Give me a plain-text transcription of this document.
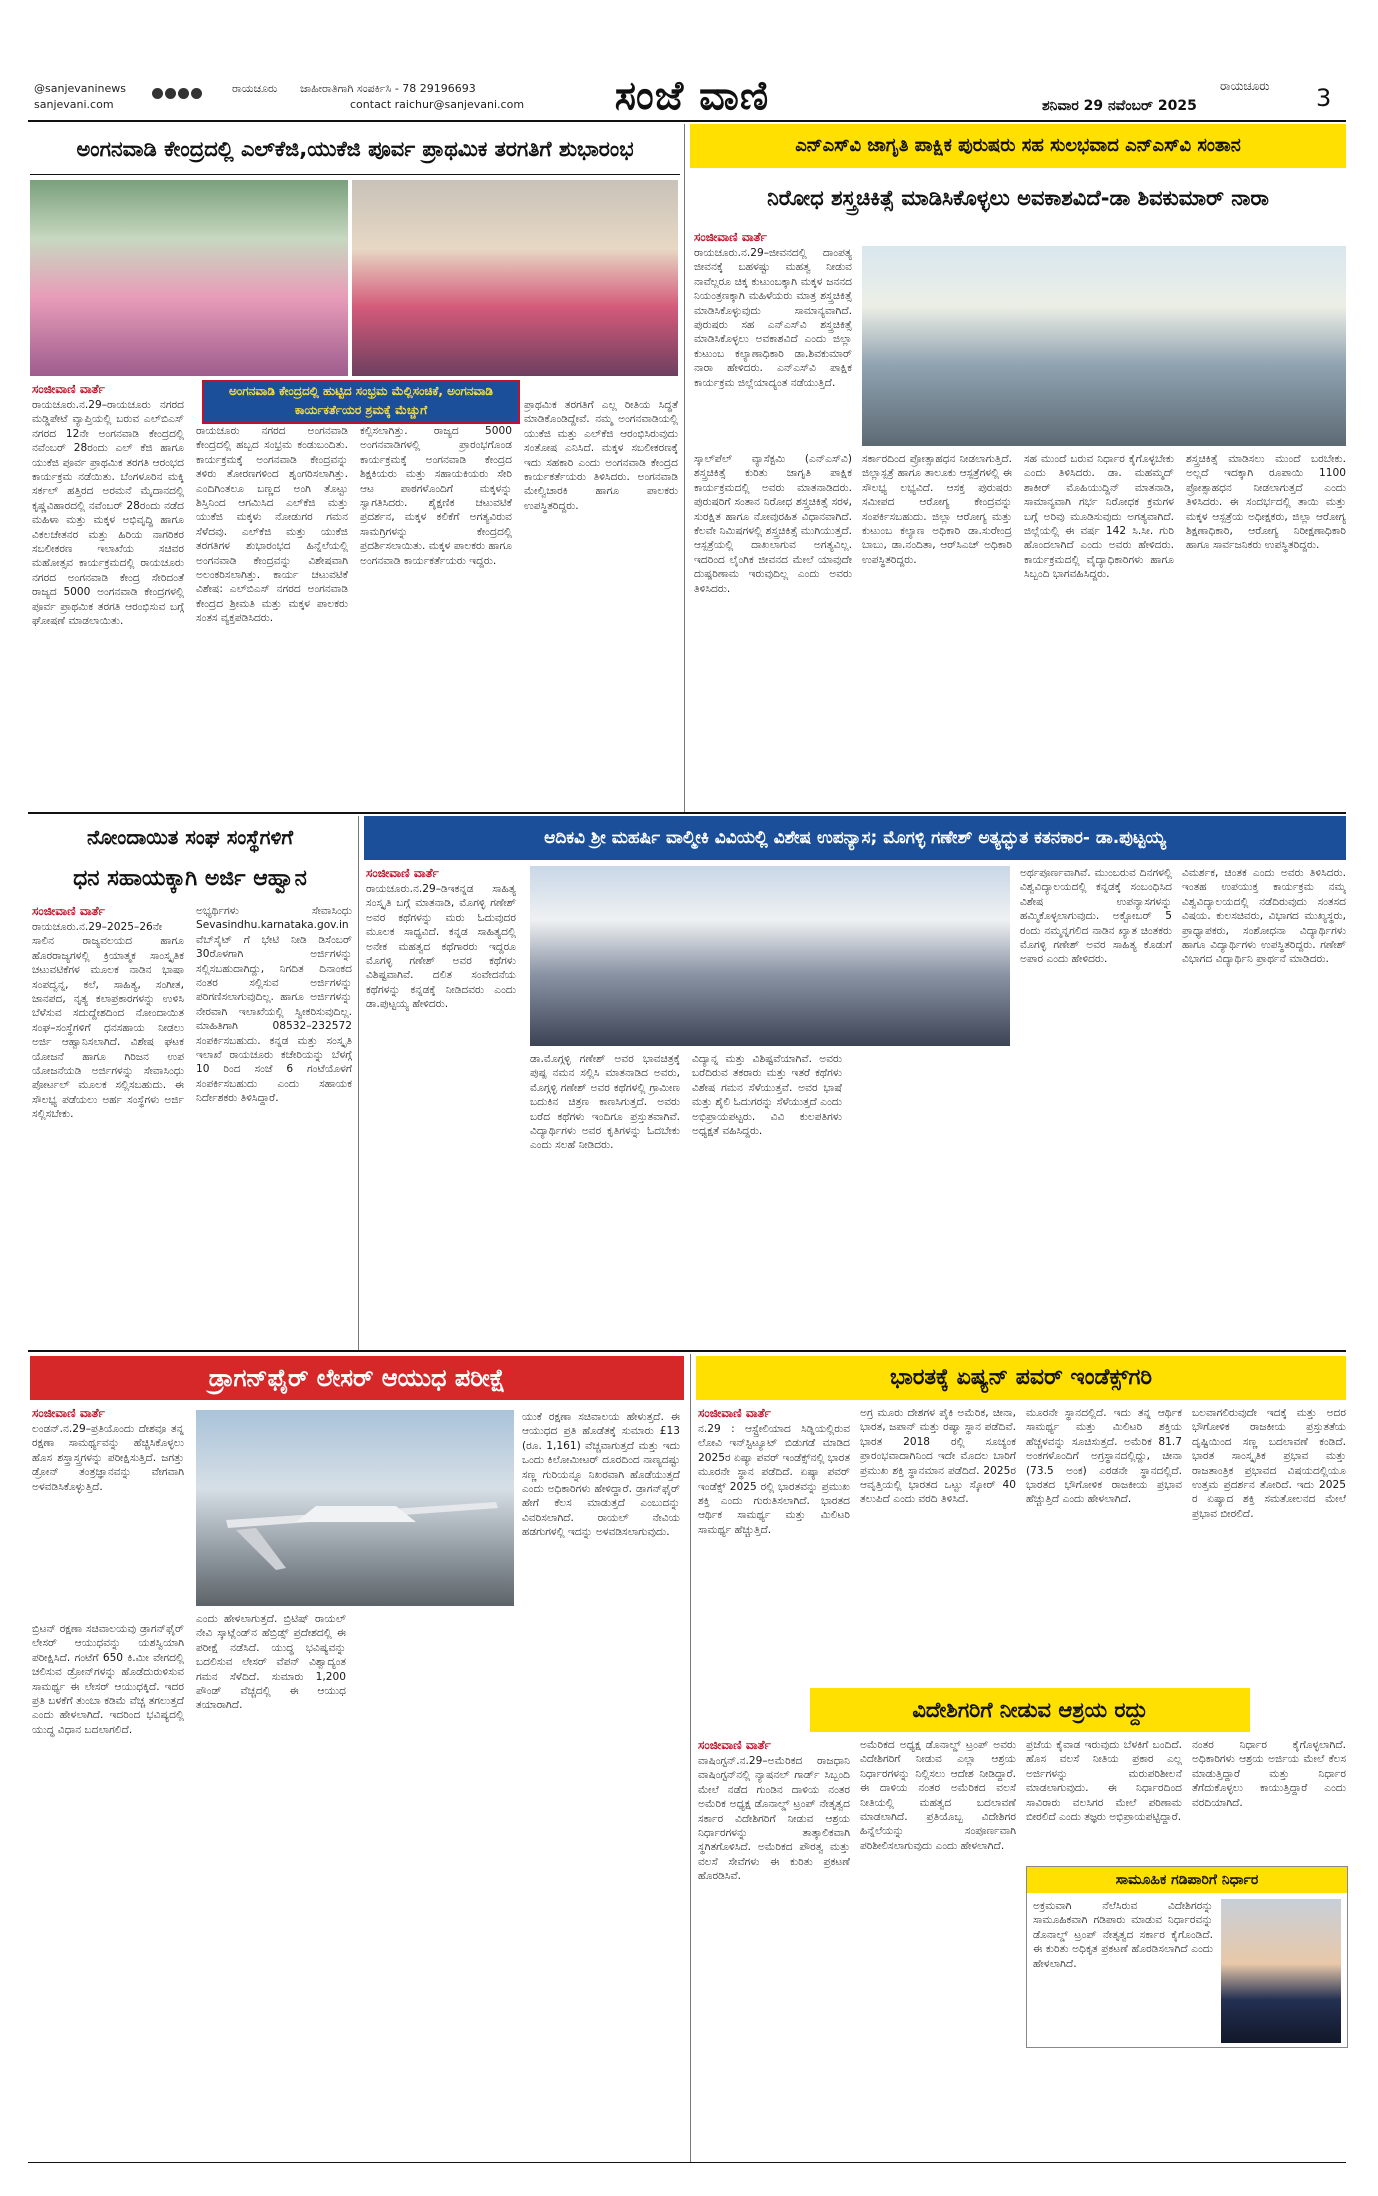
@sanjevaninews
sanjevani.com
ರಾಯಚೂರು ಜಾಹೀರಾತಿಗಾಗಿ ಸಂಪರ್ಕಿಸಿ - 78 29196693
contact raichur@sanjevani.com	ಸಂಜೆ ವಾಣಿ	ರಾಯಚೂರು
ಶನಿವಾರ 29 ನವೆಂಬರ್ 2025	3
ಅಂಗನವಾಡಿ ಕೇಂದ್ರದಲ್ಲಿ ಎಲ್‌ಕೆಜಿ,ಯುಕೆಜಿ ಪೂರ್ವ ಪ್ರಾಥಮಿಕ ತರಗತಿಗೆ ಶುಭಾರಂಭ
ಸಂಜೀವಾಣಿ ವಾರ್ತೆ	ಅಂಗನವಾಡಿ ಕೇಂದ್ರದಲ್ಲಿ ಹುಟ್ಟಿದ ಸಂಭ್ರಮ ಮೆಲ್ಲಿಸಂಚಿಕೆ, ಅಂಗನವಾಡಿ ಕಾರ್ಯಕರ್ತೆಯರ ಶ್ರಮಕ್ಕೆ ಮೆಚ್ಚುಗೆ
ರಾಯಚೂರು.ನ.29–ರಾಯಚೂರು ನಗರದ ಮಡ್ಡಿಪೇಟೆ ವ್ಯಾಪ್ತಿಯಲ್ಲಿ ಬರುವ ಎಲ್‌ಬಿಎಸ್ ನಗರದ 12ನೇ ಅಂಗನವಾಡಿ ಕೇಂದ್ರದಲ್ಲಿ ನವೆಂಬರ್ 28ರಂದು ಎಲ್ ಕೆಜಿ ಹಾಗೂ ಯುಕೆಜಿ ಪೂರ್ವ ಪ್ರಾಥಮಿಕ ತರಗತಿ ಆರಂಭದ ಕಾರ್ಯಕ್ರಮ ನಡೆಯಿತು. ಬೆಂಗಳೂರಿನ ಮಕ್ಕಿ ಸರ್ಕಲ್ ಹತ್ತಿರದ ಅರಮನೆ ಮೈದಾನದಲ್ಲಿ ಕೃಷ್ಣವಿಹಾರದಲ್ಲಿ ನವೆಂಬರ್ 28ರಂದು ನಡೆದ ಮಹಿಳಾ ಮತ್ತು ಮಕ್ಕಳ ಅಭಿವೃದ್ಧಿ ಹಾಗೂ ವಿಕಲಚೇತನರ ಮತ್ತು ಹಿರಿಯ ನಾಗರಿಕರ ಸಬಲೀಕರಣ ಇಲಾಖೆಯ ಸಚಿವರ ಮಹೋತ್ಸವ ಕಾರ್ಯಕ್ರಮದಲ್ಲಿ ರಾಯಚೂರು ನಗರದ ಅಂಗನವಾಡಿ ಕೇಂದ್ರ ಸೇರಿದಂತೆ ರಾಜ್ಯದ 5000 ಅಂಗನವಾಡಿ ಕೇಂದ್ರಗಳಲ್ಲಿ ಪೂರ್ವ ಪ್ರಾಥಮಿಕ ತರಗತಿ ಆರಂಭಿಸುವ ಬಗ್ಗೆ ಘೋಷಣೆ ಮಾಡಲಾಯಿತು.
ರಾಯಚೂರು ನಗರದ ಅಂಗನವಾಡಿ ಕೇಂದ್ರದಲ್ಲಿ ಹಬ್ಬದ ಸಂಭ್ರಮ ಕಂಡುಬಂದಿತು. ಕಾರ್ಯಕ್ರಮಕ್ಕೆ ಅಂಗನವಾಡಿ ಕೇಂದ್ರವನ್ನು ತಳಿರು ತೋರಣಗಳಿಂದ ಶೃಂಗರಿಸಲಾಗಿತ್ತು. ಎಂದಿಗಿಂತಲೂ ಬಣ್ಣದ ಅಂಗಿ ತೊಟ್ಟು ಶಿಸ್ತಿನಿಂದ ಆಗಮಿಸಿದ ಎಲ್‌ಕೆಜಿ ಮತ್ತು ಯುಕೆಜಿ ಮಕ್ಕಳು ನೋಡುಗರ ಗಮನ ಸೆಳೆದವು. ಎಲ್‌ಕೆಜಿ ಮತ್ತು ಯುಕೆಜಿ ತರಗತಿಗಳ ಶುಭಾರಂಭದ ಹಿನ್ನೆಲೆಯಲ್ಲಿ ಅಂಗನವಾಡಿ ಕೇಂದ್ರವನ್ನು ವಿಶೇಷವಾಗಿ ಅಲಂಕರಿಸಲಾಗಿತ್ತು. ಕಾರ್ಯ ಚಟುವಟಿಕೆ ವಿಶೇಷ: ಎಲ್‌ಬಿಎಸ್ ನಗರದ ಅಂಗನವಾಡಿ ಕೇಂದ್ರದ ಶ್ರೀಮತಿ ಮತ್ತು ಮಕ್ಕಳ ಪಾಲಕರು ಸಂತಸ ವ್ಯಕ್ತಪಡಿಸಿದರು.
ಕಲ್ಪಿಸಲಾಗಿತ್ತು. ರಾಜ್ಯದ 5000 ಅಂಗನವಾಡಿಗಳಲ್ಲಿ ಪ್ರಾರಂಭಗೊಂಡ ಕಾರ್ಯಕ್ರಮಕ್ಕೆ ಅಂಗನವಾಡಿ ಕೇಂದ್ರದ ಶಿಕ್ಷಕಿಯರು ಮತ್ತು ಸಹಾಯಕಿಯರು ಸೇರಿ ಆಟ ಪಾಠಗಳೊಂದಿಗೆ ಮಕ್ಕಳನ್ನು ಸ್ವಾಗತಿಸಿದರು. ಶೈಕ್ಷಣಿಕ ಚಟುವಟಿಕೆ ಪ್ರದರ್ಶನ, ಮಕ್ಕಳ ಕಲಿಕೆಗೆ ಅಗತ್ಯವಿರುವ ಸಾಮಗ್ರಿಗಳನ್ನು ಕೇಂದ್ರದಲ್ಲಿ ಪ್ರದರ್ಶಿಸಲಾಯಿತು. ಮಕ್ಕಳ ಪಾಲಕರು ಹಾಗೂ ಅಂಗನವಾಡಿ ಕಾರ್ಯಕರ್ತೆಯರು ಇದ್ದರು.
ಪ್ರಾಥಮಿಕ ತರಗತಿಗೆ ಎಲ್ಲ ರೀತಿಯ ಸಿದ್ಧತೆ ಮಾಡಿಕೊಂಡಿದ್ದೇವೆ. ನಮ್ಮ ಅಂಗನವಾಡಿಯಲ್ಲಿ ಯುಕೆಜಿ ಮತ್ತು ಎಲ್‌ಕೆಜಿ ಆರಂಭಿಸಿರುವುದು ಸಂತೋಷ ಎನಿಸಿದೆ. ಮಕ್ಕಳ ಸಬಲೀಕರಣಕ್ಕೆ ಇದು ಸಹಕಾರಿ ಎಂದು ಅಂಗನವಾಡಿ ಕೇಂದ್ರದ ಕಾರ್ಯಕರ್ತೆಯರು ತಿಳಿಸಿದರು. ಅಂಗನವಾಡಿ ಮೇಲ್ವಿಚಾರಕಿ ಹಾಗೂ ಪಾಲಕರು ಉಪಸ್ಥಿತರಿದ್ದರು.
ಎನ್‌ಎಸ್‌ವಿ ಜಾಗೃತಿ ಪಾಕ್ಷಿಕ ಪುರುಷರು ಸಹ ಸುಲಭವಾದ ಎನ್‌ಎಸ್‌ವಿ ಸಂತಾನ
ನಿರೋಧ ಶಸ್ತ್ರಚಿಕಿತ್ಸೆ ಮಾಡಿಸಿಕೊಳ್ಳಲು ಅವಕಾಶವಿದೆ-ಡಾ ಶಿವಕುಮಾರ್ ನಾರಾ
ಸಂಜೀವಾಣಿ ವಾರ್ತೆ
ರಾಯಚೂರು.ನ.29–ಜೀವನದಲ್ಲಿ ದಾಂಪತ್ಯ ಜೀವನಕ್ಕೆ ಬಹಳಷ್ಟು ಮಹತ್ವ ನೀಡುವ ನಾವೆಲ್ಲರೂ ಚಿಕ್ಕ ಕುಟುಂಬಕ್ಕಾಗಿ ಮಕ್ಕಳ ಜನನದ ನಿಯಂತ್ರಣಕ್ಕಾಗಿ ಮಹಿಳೆಯರು ಮಾತ್ರ ಶಸ್ತ್ರಚಿಕಿತ್ಸೆ ಮಾಡಿಸಿಕೊಳ್ಳುವುದು ಸಾಮಾನ್ಯವಾಗಿದೆ. ಪುರುಷರು ಸಹ ಎನ್‌ಎಸ್‌ವಿ ಶಸ್ತ್ರಚಿಕಿತ್ಸೆ ಮಾಡಿಸಿಕೊಳ್ಳಲು ಅವಕಾಶವಿದೆ ಎಂದು ಜಿಲ್ಲಾ ಕುಟುಂಬ ಕಲ್ಯಾಣಾಧಿಕಾರಿ ಡಾ.ಶಿವಕುಮಾರ್ ನಾರಾ ಹೇಳಿದರು. ಎನ್‌ಎಸ್‌ವಿ ಪಾಕ್ಷಿಕ ಕಾರ್ಯಕ್ರಮ ಜಿಲ್ಲೆಯಾದ್ಯಂತ ನಡೆಯುತ್ತಿದೆ.
ಸ್ಕಾಲ್‌ಪೆಲ್ ವ್ಯಾಸೆಕ್ಟಮಿ (ಎನ್‌ಎಸ್‌ವಿ) ಶಸ್ತ್ರಚಿಕಿತ್ಸೆ ಕುರಿತು ಜಾಗೃತಿ ಪಾಕ್ಷಿಕ ಕಾರ್ಯಕ್ರಮದಲ್ಲಿ ಅವರು ಮಾತನಾಡಿದರು. ಪುರುಷರಿಗೆ ಸಂತಾನ ನಿರೋಧ ಶಸ್ತ್ರಚಿಕಿತ್ಸೆ ಸರಳ, ಸುರಕ್ಷಿತ ಹಾಗೂ ನೋವುರಹಿತ ವಿಧಾನವಾಗಿದೆ. ಕೆಲವೇ ನಿಮಿಷಗಳಲ್ಲಿ ಶಸ್ತ್ರಚಿಕಿತ್ಸೆ ಮುಗಿಯುತ್ತದೆ. ಆಸ್ಪತ್ರೆಯಲ್ಲಿ ದಾಖಲಾಗುವ ಅಗತ್ಯವಿಲ್ಲ. ಇದರಿಂದ ಲೈಂಗಿಕ ಜೀವನದ ಮೇಲೆ ಯಾವುದೇ ದುಷ್ಪರಿಣಾಮ ಇರುವುದಿಲ್ಲ ಎಂದು ಅವರು ತಿಳಿಸಿದರು.
ಸರ್ಕಾರದಿಂದ ಪ್ರೋತ್ಸಾಹಧನ ನೀಡಲಾಗುತ್ತಿದೆ. ಜಿಲ್ಲಾಸ್ಪತ್ರೆ ಹಾಗೂ ತಾಲೂಕು ಆಸ್ಪತ್ರೆಗಳಲ್ಲಿ ಈ ಸೌಲಭ್ಯ ಲಭ್ಯವಿದೆ. ಆಸಕ್ತ ಪುರುಷರು ಸಮೀಪದ ಆರೋಗ್ಯ ಕೇಂದ್ರವನ್ನು ಸಂಪರ್ಕಿಸಬಹುದು. ಜಿಲ್ಲಾ ಆರೋಗ್ಯ ಮತ್ತು ಕುಟುಂಬ ಕಲ್ಯಾಣ ಅಧಿಕಾರಿ ಡಾ.ಸುರೇಂದ್ರ ಬಾಬು, ಡಾ.ನಂದಿತಾ, ಆರ್‌ಸಿಎಚ್ ಅಧಿಕಾರಿ ಉಪಸ್ಥಿತರಿದ್ದರು.
ಸಹ ಮುಂದೆ ಬರುವ ನಿರ್ಧಾರ ಕೈಗೊಳ್ಳಬೇಕು ಎಂದು ತಿಳಿಸಿದರು. ಡಾ. ಮಹಮ್ಮದ್ ಶಾಕೀರ್ ಮೊಹಿಯುದ್ದಿನ್ ಮಾತನಾಡಿ, ಸಾಮಾನ್ಯವಾಗಿ ಗರ್ಭ ನಿರೋಧಕ ಕ್ರಮಗಳ ಬಗ್ಗೆ ಅರಿವು ಮೂಡಿಸುವುದು ಅಗತ್ಯವಾಗಿದೆ. ಜಿಲ್ಲೆಯಲ್ಲಿ ಈ ವರ್ಷ 142 ಸಿ.ಸೀ. ಗುರಿ ಹೊಂದಲಾಗಿದೆ ಎಂದು ಅವರು ಹೇಳಿದರು. ಕಾರ್ಯಕ್ರಮದಲ್ಲಿ ವೈದ್ಯಾಧಿಕಾರಿಗಳು ಹಾಗೂ ಸಿಬ್ಬಂದಿ ಭಾಗವಹಿಸಿದ್ದರು.
ಶಸ್ತ್ರಚಿಕಿತ್ಸೆ ಮಾಡಿಸಲು ಮುಂದೆ ಬರಬೇಕು. ಅಲ್ಲದೆ ಇದಕ್ಕಾಗಿ ರೂಪಾಯಿ 1100 ಪ್ರೋತ್ಸಾಹಧನ ನೀಡಲಾಗುತ್ತದೆ ಎಂದು ತಿಳಿಸಿದರು. ಈ ಸಂದರ್ಭದಲ್ಲಿ ತಾಯಿ ಮತ್ತು ಮಕ್ಕಳ ಆಸ್ಪತ್ರೆಯ ಅಧೀಕ್ಷಕರು, ಜಿಲ್ಲಾ ಆರೋಗ್ಯ ಶಿಕ್ಷಣಾಧಿಕಾರಿ, ಆರೋಗ್ಯ ನಿರೀಕ್ಷಣಾಧಿಕಾರಿ ಹಾಗೂ ಸಾರ್ವಜನಿಕರು ಉಪಸ್ಥಿತರಿದ್ದರು.
ನೋಂದಾಯಿತ ಸಂಘ ಸಂಸ್ಥೆಗಳಿಗೆ
ಧನ ಸಹಾಯಕ್ಕಾಗಿ ಅರ್ಜಿ ಆಹ್ವಾನ
ಸಂಜೀವಾಣಿ ವಾರ್ತೆ
ರಾಯಚೂರು.ನ.29–2025–26ನೇ ಸಾಲಿನ ರಾಜ್ಯವಲಯದ ಹಾಗೂ ಹೊರರಾಜ್ಯಗಳಲ್ಲಿ ಕ್ರಿಯಾತ್ಮಕ ಸಾಂಸ್ಕೃತಿಕ ಚಟುವಟಿಕೆಗಳ ಮೂಲಕ ನಾಡಿನ ಭಾಷಾ ಸಂಪದ್ವನ್ನ, ಕಲೆ, ಸಾಹಿತ್ಯ, ಸಂಗೀತ, ಜಾನಪದ, ನೃತ್ಯ ಕಲಾಪ್ರಕಾರಗಳನ್ನು ಉಳಿಸಿ ಬೆಳೆಸುವ ಸದುದ್ದೇಶದಿಂದ ನೋಂದಾಯಿತ ಸಂಘ–ಸಂಸ್ಥೆಗಳಿಗೆ ಧನಸಹಾಯ ನೀಡಲು ಅರ್ಜಿ ಆಹ್ವಾನಿಸಲಾಗಿದೆ. ವಿಶೇಷ ಘಟಕ ಯೋಜನೆ ಹಾಗೂ ಗಿರಿಜನ ಉಪ ಯೋಜನೆಯಡಿ ಅರ್ಜಿಗಳನ್ನು ಸೇವಾಸಿಂಧು ಪೋರ್ಟಲ್ ಮೂಲಕ ಸಲ್ಲಿಸಬಹುದು. ಈ ಸೌಲಭ್ಯ ಪಡೆಯಲು ಅರ್ಹ ಸಂಸ್ಥೆಗಳು ಅರ್ಜಿ ಸಲ್ಲಿಸಬೇಕು.
ಅಭ್ಯರ್ಥಿಗಳು ಸೇವಾಸಿಂಧು Sevasindhu.karnataka.gov.in ವೆಬ್‌ಸೈಟ್ ಗೆ ಭೇಟಿ ನೀಡಿ ಡಿಸೆಂಬರ್ 30ರೊಳಗಾಗಿ ಅರ್ಜಿಗಳನ್ನು ಸಲ್ಲಿಸಬಹುದಾಗಿದ್ದು, ನಿಗದಿತ ದಿನಾಂಕದ ನಂತರ ಸಲ್ಲಿಸುವ ಅರ್ಜಿಗಳನ್ನು ಪರಿಗಣಿಸಲಾಗುವುದಿಲ್ಲ. ಹಾಗೂ ಅರ್ಜಿಗಳನ್ನು ನೇರವಾಗಿ ಇಲಾಖೆಯಲ್ಲಿ ಸ್ವೀಕರಿಸುವುದಿಲ್ಲ. ಮಾಹಿತಿಗಾಗಿ 08532–232572 ಸಂಪರ್ಕಿಸಬಹುದು. ಕನ್ನಡ ಮತ್ತು ಸಂಸ್ಕೃತಿ ಇಲಾಖೆ ರಾಯಚೂರು ಕಚೇರಿಯನ್ನು ಬೆಳಗ್ಗೆ 10 ರಿಂದ ಸಂಜೆ 6 ಗಂಟೆಯೊಳಗೆ ಸಂಪರ್ಕಿಸಬಹುದು ಎಂದು ಸಹಾಯಕ ನಿರ್ದೇಶಕರು ತಿಳಿಸಿದ್ದಾರೆ.
ಆದಿಕವಿ ಶ್ರೀ ಮಹರ್ಷಿ ವಾಲ್ಮೀಕಿ ವಿವಿಯಲ್ಲಿ ವಿಶೇಷ ಉಪನ್ಯಾಸ; ಮೊಗಳ್ಳಿ ಗಣೇಶ್ ಅತ್ಯದ್ಭುತ ಕತನಕಾರ- ಡಾ.ಪುಟ್ಟಯ್ಯ
ಸಂಜೀವಾಣಿ ವಾರ್ತೆ
ರಾಯಚೂರು.ನ.29–ಡಿಇಕನ್ನಡ ಸಾಹಿತ್ಯ ಸಂಸ್ಕೃತಿ ಬಗ್ಗೆ ಮಾತನಾಡಿ, ಮೊಗಳ್ಳಿ ಗಣೇಶ್ ಅವರ ಕಥೆಗಳನ್ನು ಮರು ಓದುವುದರ ಮೂಲಕ ಸಾಧ್ಯವಿದೆ. ಕನ್ನಡ ಸಾಹಿತ್ಯದಲ್ಲಿ ಅನೇಕ ಮಹತ್ವದ ಕಥೆಗಾರರು ಇದ್ದರೂ ಮೊಗಳ್ಳಿ ಗಣೇಶ್ ಅವರ ಕಥೆಗಳು ವಿಶಿಷ್ಟವಾಗಿವೆ. ದಲಿತ ಸಂವೇದನೆಯ ಕಥೆಗಳನ್ನು ಕನ್ನಡಕ್ಕೆ ನೀಡಿದವರು ಎಂದು ಡಾ.ಪುಟ್ಟಯ್ಯ ಹೇಳಿದರು.
ಡಾ.ಮೊಗ್ಗಳ್ಳಿ ಗಣೇಶ್ ಅವರ ಭಾವಚಿತ್ರಕ್ಕೆ ಪುಷ್ಪ ನಮನ ಸಲ್ಲಿಸಿ ಮಾತನಾಡಿದ ಅವರು, ಮೊಗ್ಗಳ್ಳಿ ಗಣೇಶ್ ಅವರ ಕಥೆಗಳಲ್ಲಿ ಗ್ರಾಮೀಣ ಬದುಕಿನ ಚಿತ್ರಣ ಕಾಣಸಿಗುತ್ತದೆ. ಅವರು ಬರೆದ ಕಥೆಗಳು ಇಂದಿಗೂ ಪ್ರಸ್ತುತವಾಗಿವೆ. ವಿದ್ಯಾರ್ಥಿಗಳು ಅವರ ಕೃತಿಗಳನ್ನು ಓದಬೇಕು ಎಂದು ಸಲಹೆ ನೀಡಿದರು.
ವಿದ್ಯಾನ್ನ ಮತ್ತು ವಿಶಿಷ್ಟವೆಯಾಗಿವೆ. ಅವರು ಬರೆದಿರುವ ತಕರಾರು ಮತ್ತು ಇತರೆ ಕಥೆಗಳು ವಿಶೇಷ ಗಮನ ಸೆಳೆಯುತ್ತವೆ. ಅವರ ಭಾಷೆ ಮತ್ತು ಶೈಲಿ ಓದುಗರನ್ನು ಸೆಳೆಯುತ್ತದೆ ಎಂದು ಅಭಿಪ್ರಾಯಪಟ್ಟರು. ವಿವಿ ಕುಲಪತಿಗಳು ಅಧ್ಯಕ್ಷತೆ ವಹಿಸಿದ್ದರು.
ಅರ್ಥಪೂರ್ಣವಾಗಿವೆ. ಮುಂಬರುವ ದಿನಗಳಲ್ಲಿ ವಿಶ್ವವಿದ್ಯಾಲಯದಲ್ಲಿ ಕನ್ನಡಕ್ಕೆ ಸಂಬಂಧಿಸಿದ ವಿಶೇಷ ಉಪನ್ಯಾಸಗಳನ್ನು ಹಮ್ಮಿಕೊಳ್ಳಲಾಗುವುದು. ಅಕ್ಟೋಬರ್ 5 ರಂದು ನಮ್ಮನ್ನಗಲಿದ ನಾಡಿನ ಖ್ಯಾತ ಚಿಂತಕರು ಮೊಗಳ್ಳಿ ಗಣೇಶ್ ಅವರ ಸಾಹಿತ್ಯ ಕೊಡುಗೆ ಅಪಾರ ಎಂದು ಹೇಳಿದರು.
ವಿಮರ್ಶಕ, ಚಿಂತಕ ಎಂದು ಅವರು ತಿಳಿಸಿದರು. ಇಂತಹ ಉಪಯುಕ್ತ ಕಾರ್ಯಕ್ರಮ ನಮ್ಮ ವಿಶ್ವವಿದ್ಯಾಲಯದಲ್ಲಿ ನಡೆದಿರುವುದು ಸಂತಸದ ವಿಷಯ. ಕುಲಸಚಿವರು, ವಿಭಾಗದ ಮುಖ್ಯಸ್ಥರು, ಪ್ರಾಧ್ಯಾಪಕರು, ಸಂಶೋಧನಾ ವಿದ್ಯಾರ್ಥಿಗಳು ಹಾಗೂ ವಿದ್ಯಾರ್ಥಿಗಳು ಉಪಸ್ಥಿತರಿದ್ದರು. ಗಣೇಶ್ ವಿಭಾಗದ ವಿದ್ಯಾರ್ಥಿನಿ ಪ್ರಾರ್ಥನೆ ಮಾಡಿದರು.
ಡ್ರಾಗನ್‌ಫೈರ್ ಲೇಸರ್ ಆಯುಧ ಪರೀಕ್ಷೆ
ಸಂಜೀವಾಣಿ ವಾರ್ತೆ
ಲಂಡನ್.ನ.29–ಪ್ರತಿಯೊಂದು ದೇಶವೂ ತನ್ನ ರಕ್ಷಣಾ ಸಾಮರ್ಥ್ಯವನ್ನು ಹೆಚ್ಚಿಸಿಕೊಳ್ಳಲು ಹೊಸ ಶಸ್ತ್ರಾಸ್ತ್ರಗಳನ್ನು ಪರೀಕ್ಷಿಸುತ್ತಿದೆ. ಜಗತ್ತು ಡ್ರೋನ್ ತಂತ್ರಜ್ಞಾನವನ್ನು ವೇಗವಾಗಿ ಅಳವಡಿಸಿಕೊಳ್ಳುತ್ತಿದೆ.
ಬ್ರಿಟನ್ ರಕ್ಷಣಾ ಸಚಿವಾಲಯವು ಡ್ರಾಗನ್‌ಫೈರ್ ಲೇಸರ್ ಆಯುಧವನ್ನು ಯಶಸ್ವಿಯಾಗಿ ಪರೀಕ್ಷಿಸಿದೆ. ಗಂಟೆಗೆ 650 ಕಿ.ಮೀ ವೇಗದಲ್ಲಿ ಚಲಿಸುವ ಡ್ರೋನ್‌ಗಳನ್ನು ಹೊಡೆದುರುಳಿಸುವ ಸಾಮರ್ಥ್ಯ ಈ ಲೇಸರ್ ಆಯುಧಕ್ಕಿದೆ. ಇದರ ಪ್ರತಿ ಬಳಕೆಗೆ ತುಂಬಾ ಕಡಿಮೆ ವೆಚ್ಚ ತಗಲುತ್ತದೆ ಎಂದು ಹೇಳಲಾಗಿದೆ. ಇದರಿಂದ ಭವಿಷ್ಯದಲ್ಲಿ ಯುದ್ಧ ವಿಧಾನ ಬದಲಾಗಲಿದೆ.
ಎಂದು ಹೇಳಲಾಗುತ್ತದೆ. ಬ್ರಿಟಿಷ್ ರಾಯಲ್ ನೇವಿ ಸ್ಕಾಟ್ಲೆಂಡ್‌ನ ಹೆಬ್ರಿಡ್ಸ್ ಪ್ರದೇಶದಲ್ಲಿ ಈ ಪರೀಕ್ಷೆ ನಡೆಸಿದೆ. ಯುದ್ಧ ಭವಿಷ್ಯವನ್ನು ಬದಲಿಸುವ ಲೇಸರ್ ವೆಪನ್ ವಿಶ್ವಾದ್ಯಂತ ಗಮನ ಸೆಳೆದಿದೆ. ಸುಮಾರು 1,200 ಪೌಂಡ್ ವೆಚ್ಚದಲ್ಲಿ ಈ ಆಯುಧ ತಯಾರಾಗಿದೆ.
ಯುಕೆ ರಕ್ಷಣಾ ಸಚಿವಾಲಯ ಹೇಳುತ್ತದೆ. ಈ ಆಯುಧದ ಪ್ರತಿ ಹೊಡೆತಕ್ಕೆ ಸುಮಾರು £13 (ರೂ. 1,161) ವೆಚ್ಚವಾಗುತ್ತದೆ ಮತ್ತು ಇದು ಒಂದು ಕಿಲೋಮೀಟರ್ ದೂರದಿಂದ ನಾಣ್ಯದಷ್ಟು ಸಣ್ಣ ಗುರಿಯನ್ನೂ ನಿಖರವಾಗಿ ಹೊಡೆಯುತ್ತದೆ ಎಂದು ಅಧಿಕಾರಿಗಳು ಹೇಳಿದ್ದಾರೆ. ಡ್ರಾಗನ್‌ಫೈರ್ ಹೇಗೆ ಕೆಲಸ ಮಾಡುತ್ತದೆ ಎಂಬುದನ್ನು ವಿವರಿಸಲಾಗಿದೆ. ರಾಯಲ್ ನೇವಿಯ ಹಡಗುಗಳಲ್ಲಿ ಇದನ್ನು ಅಳವಡಿಸಲಾಗುವುದು.
ಭಾರತಕ್ಕೆ ಏಷ್ಯನ್ ಪವರ್ ಇಂಡೆಕ್ಸ್‌ಗರಿ
ಸಂಜೀವಾಣಿ ವಾರ್ತೆ
ನ.29 : ಆಸ್ಟ್ರೇಲಿಯಾದ ಸಿಡ್ನಿಯಲ್ಲಿರುವ ಲೋವಿ ಇನ್‌ಸ್ಟಿಟ್ಯೂಟ್ ಬಿಡುಗಡೆ ಮಾಡಿದ 2025ರ ಏಷ್ಯಾ ಪವರ್ ಇಂಡೆಕ್ಸ್‌ನಲ್ಲಿ ಭಾರತ ಮೂರನೇ ಸ್ಥಾನ ಪಡೆದಿದೆ. ಏಷ್ಯಾ ಪವರ್ ಇಂಡೆಕ್ಸ್ 2025 ರಲ್ಲಿ ಭಾರತವನ್ನು ಪ್ರಮುಖ ಶಕ್ತಿ ಎಂದು ಗುರುತಿಸಲಾಗಿದೆ. ಭಾರತದ ಆರ್ಥಿಕ ಸಾಮರ್ಥ್ಯ ಮತ್ತು ಮಿಲಿಟರಿ ಸಾಮರ್ಥ್ಯ ಹೆಚ್ಚುತ್ತಿದೆ.
ಅಗ್ರ ಮೂರು ದೇಶಗಳ ಪೈಕಿ ಅಮೆರಿಕ, ಚೀನಾ, ಭಾರತ, ಜಪಾನ್ ಮತ್ತು ರಷ್ಯಾ ಸ್ಥಾನ ಪಡೆದಿವೆ. ಭಾರತ 2018 ರಲ್ಲಿ ಸೂಚ್ಯಂಕ ಪ್ರಾರಂಭವಾದಾಗಿನಿಂದ ಇದೇ ಮೊದಲ ಬಾರಿಗೆ ಪ್ರಮುಖ ಶಕ್ತಿ ಸ್ಥಾನಮಾನ ಪಡೆದಿದೆ. 2025ರ ಆವೃತ್ತಿಯಲ್ಲಿ ಭಾರತದ ಒಟ್ಟು ಸ್ಕೋರ್ 40 ತಲುಪಿದೆ ಎಂದು ವರದಿ ತಿಳಿಸಿದೆ.
ಮೂರನೇ ಸ್ಥಾನದಲ್ಲಿದೆ. ಇದು ತನ್ನ ಆರ್ಥಿಕ ಸಾಮರ್ಥ್ಯ ಮತ್ತು ಮಿಲಿಟರಿ ಶಕ್ತಿಯ ಹೆಚ್ಚಳವನ್ನು ಸೂಚಿಸುತ್ತದೆ. ಅಮೆರಿಕ 81.7 ಅಂಕಗಳೊಂದಿಗೆ ಅಗ್ರಸ್ಥಾನದಲ್ಲಿದ್ದು, ಚೀನಾ (73.5 ಅಂಕ) ಎರಡನೇ ಸ್ಥಾನದಲ್ಲಿದೆ. ಭಾರತದ ಭೌಗೋಳಿಕ ರಾಜಕೀಯ ಪ್ರಭಾವ ಹೆಚ್ಚುತ್ತಿದೆ ಎಂದು ಹೇಳಲಾಗಿದೆ.
ಬಲವಾಗಲಿರುವುದೇ ಇದಕ್ಕೆ ಮತ್ತು ಅದರ ಭೌಗೋಳಿಕ ರಾಜಕೀಯ ಪ್ರಸ್ತುತತೆಯ ದೃಷ್ಟಿಯಿಂದ ಸಣ್ಣ ಬದಲಾವಣೆ ಕಂಡಿದೆ. ಭಾರತ ಸಾಂಸ್ಕೃತಿಕ ಪ್ರಭಾವ ಮತ್ತು ರಾಜತಾಂತ್ರಿಕ ಪ್ರಭಾವದ ವಿಷಯದಲ್ಲಿಯೂ ಉತ್ತಮ ಪ್ರದರ್ಶನ ತೋರಿದೆ. ಇದು 2025 ರ ಏಷ್ಯಾದ ಶಕ್ತಿ ಸಮತೋಲನದ ಮೇಲೆ ಪ್ರಭಾವ ಬೀರಲಿದೆ.
ವಿದೇಶಿಗರಿಗೆ ನೀಡುವ ಆಶ್ರಯ ರದ್ದು
ಸಂಜೀವಾಣಿ ವಾರ್ತೆ
ವಾಷಿಂಗ್ಟನ್.ನ.29–ಅಮೆರಿಕದ ರಾಜಧಾನಿ ವಾಷಿಂಗ್ಟನ್‌ನಲ್ಲಿ ನ್ಯಾಷನಲ್ ಗಾರ್ಡ್ ಸಿಬ್ಬಂದಿ ಮೇಲೆ ನಡೆದ ಗುಂಡಿನ ದಾಳಿಯ ನಂತರ ಅಮೆರಿಕ ಅಧ್ಯಕ್ಷ ಡೊನಾಲ್ಡ್ ಟ್ರಂಪ್ ನೇತೃತ್ವದ ಸರ್ಕಾರ ವಿದೇಶಿಗರಿಗೆ ನೀಡುವ ಆಶ್ರಯ ನಿರ್ಧಾರಗಳನ್ನು ತಾತ್ಕಾಲಿಕವಾಗಿ ಸ್ಥಗಿತಗೊಳಿಸಿದೆ. ಅಮೆರಿಕದ ಪೌರತ್ವ ಮತ್ತು ವಲಸೆ ಸೇವೆಗಳು ಈ ಕುರಿತು ಪ್ರಕಟಣೆ ಹೊರಡಿಸಿವೆ.
ಅಮೆರಿಕದ ಅಧ್ಯಕ್ಷ ಡೊನಾಲ್ಡ್ ಟ್ರಂಪ್ ಅವರು ವಿದೇಶಿಗರಿಗೆ ನೀಡುವ ಎಲ್ಲಾ ಆಶ್ರಯ ನಿರ್ಧಾರಗಳನ್ನು ನಿಲ್ಲಿಸಲು ಆದೇಶ ನೀಡಿದ್ದಾರೆ. ಈ ದಾಳಿಯ ನಂತರ ಅಮೆರಿಕದ ವಲಸೆ ನೀತಿಯಲ್ಲಿ ಮಹತ್ವದ ಬದಲಾವಣೆ ಮಾಡಲಾಗಿದೆ. ಪ್ರತಿಯೊಬ್ಬ ವಿದೇಶಿಗರ ಹಿನ್ನೆಲೆಯನ್ನು ಸಂಪೂರ್ಣವಾಗಿ ಪರಿಶೀಲಿಸಲಾಗುವುದು ಎಂದು ಹೇಳಲಾಗಿದೆ.
ಪ್ರಜೆಯ ಕೈವಾಡ ಇರುವುದು ಬೆಳಕಿಗೆ ಬಂದಿದೆ. ಹೊಸ ವಲಸೆ ನೀತಿಯ ಪ್ರಕಾರ ಎಲ್ಲ ಅರ್ಜಿಗಳನ್ನು ಮರುಪರಿಶೀಲನೆ ಮಾಡಲಾಗುವುದು. ಈ ನಿರ್ಧಾರದಿಂದ ಸಾವಿರಾರು ವಲಸಿಗರ ಮೇಲೆ ಪರಿಣಾಮ ಬೀರಲಿದೆ ಎಂದು ತಜ್ಞರು ಅಭಿಪ್ರಾಯಪಟ್ಟಿದ್ದಾರೆ.
ನಂತರ ನಿರ್ಧಾರ ಕೈಗೊಳ್ಳಲಾಗಿದೆ. ಅಧಿಕಾರಿಗಳು ಆಶ್ರಯ ಅರ್ಜಿಯ ಮೇಲೆ ಕೆಲಸ ಮಾಡುತ್ತಿದ್ದಾರೆ ಮತ್ತು ನಿರ್ಧಾರ ತೆಗೆದುಕೊಳ್ಳಲು ಕಾಯುತ್ತಿದ್ದಾರೆ ಎಂದು ವರದಿಯಾಗಿದೆ.
ಸಾಮೂಹಿಕ ಗಡಿಪಾರಿಗೆ ನಿರ್ಧಾರ
ಅಕ್ರಮವಾಗಿ ನೆಲೆಸಿರುವ ವಿದೇಶಿಗರನ್ನು ಸಾಮೂಹಿಕವಾಗಿ ಗಡಿಪಾರು ಮಾಡುವ ನಿರ್ಧಾರವನ್ನು ಡೊನಾಲ್ಡ್ ಟ್ರಂಪ್ ನೇತೃತ್ವದ ಸರ್ಕಾರ ಕೈಗೊಂಡಿದೆ. ಈ ಕುರಿತು ಅಧಿಕೃತ ಪ್ರಕಟಣೆ ಹೊರಡಿಸಲಾಗಿದೆ ಎಂದು ಹೇಳಲಾಗಿದೆ.
